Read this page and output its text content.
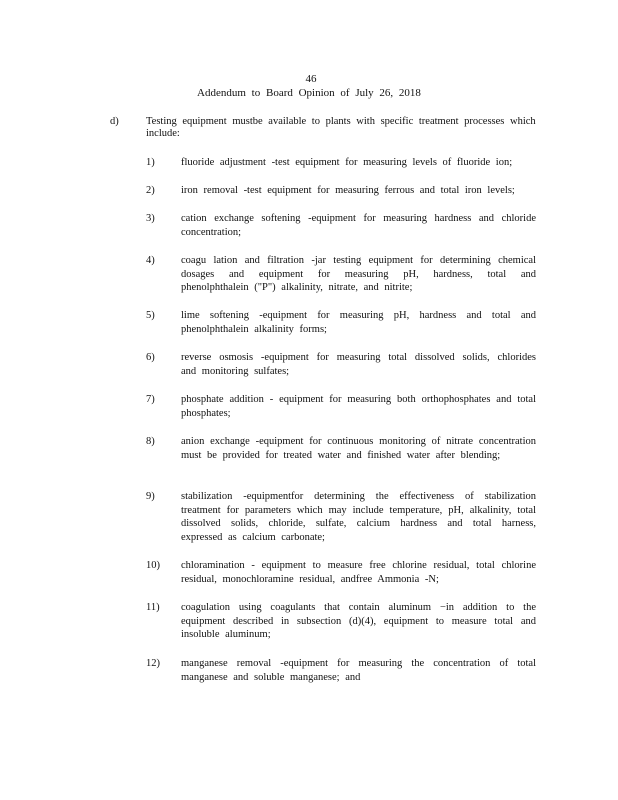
46
Addendum to Board Opinion of July 26, 2018
d)	Testing equipment mustbe available to plants with specific treatment processes which include:
1)	fluoride adjustment -test equipment for measuring levels of fluoride ion;
2)	iron removal -test equipment for measuring ferrous and total iron levels;
3)	cation exchange softening -equipment for measuring hardness and chloride concentration;
4)	coagu lation and filtration -jar testing equipment for determining chemical dosages and equipment for measuring pH, hardness, total and phenolphthalein ("P") alkalinity, nitrate, and nitrite;
5)	lime softening -equipment for measuring pH, hardness and total and phenolphthalein alkalinity forms;
6)	reverse osmosis -equipment for measuring total dissolved solids, chlorides and monitoring sulfates;
7)	phosphate addition - equipment for measuring both orthophosphates and total phosphates;
8)	anion exchange -equipment for continuous monitoring of nitrate concentration must be provided for treated water and finished water after blending;
9)	stabilization -equipmentfor determining the effectiveness of stabilization treatment for parameters which may include temperature, pH, alkalinity, total dissolved solids, chloride, sulfate, calcium hardness and total harness, expressed as calcium carbonate;
10) chloramination - equipment to measure free chlorine residual, total chlorine residual, monochloramine residual, andfree Ammonia -N;
11) coagulation using coagulants that contain aluminum −in addition to the equipment described in subsection (d)(4), equipment to measure total and insoluble aluminum;
12) manganese removal -equipment for measuring the concentration of total manganese and soluble manganese; and
